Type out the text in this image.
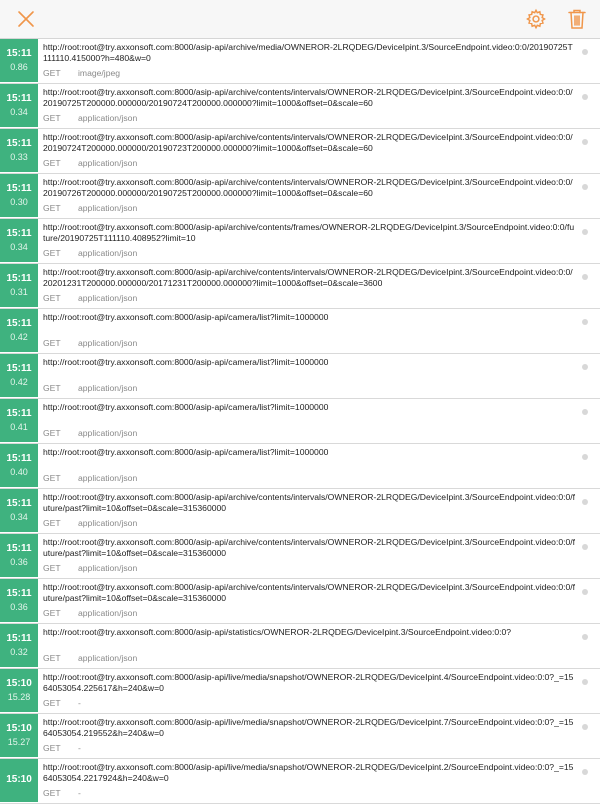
15:11
0.86
http://root:root@try.axxonsoft.com:8000/asip-api/archive/media/OWNEROR-2LRQDEG/DeviceIpint.3/SourceEndpoint.video:0:0/20190725T111110.415000?h=480&w=0
GET image/jpeg
15:11
0.34
http://root:root@try.axxonsoft.com:8000/asip-api/archive/contents/intervals/OWNEROR-2LRQDEG/DeviceIpint.3/SourceEndpoint.video:0:0/20190725T200000.000000/20190724T200000.000000?limit=1000&offset=0&scale=60
GET application/json
15:11
0.33
http://root:root@try.axxonsoft.com:8000/asip-api/archive/contents/intervals/OWNEROR-2LRQDEG/DeviceIpint.3/SourceEndpoint.video:0:0/20190724T200000.000000/20190723T200000.000000?limit=1000&offset=0&scale=60
GET application/json
15:11
0.30
http://root:root@try.axxonsoft.com:8000/asip-api/archive/contents/intervals/OWNEROR-2LRQDEG/DeviceIpint.3/SourceEndpoint.video:0:0/20190726T200000.000000/20190725T200000.000000?limit=1000&offset=0&scale=60
GET application/json
15:11
0.34
http://root:root@try.axxonsoft.com:8000/asip-api/archive/contents/frames/OWNEROR-2LRQDEG/DeviceIpint.3/SourceEndpoint.video:0:0/future/20190725T111110.408952?limit=10
GET application/json
15:11
0.31
http://root:root@try.axxonsoft.com:8000/asip-api/archive/contents/intervals/OWNEROR-2LRQDEG/DeviceIpint.3/SourceEndpoint.video:0:0/20201231T200000.000000/20171231T200000.000000?limit=1000&offset=0&scale=3600
GET application/json
15:11
0.42
http://root:root@try.axxonsoft.com:8000/asip-api/camera/list?limit=1000000
GET application/json
15:11
0.42
http://root:root@try.axxonsoft.com:8000/asip-api/camera/list?limit=1000000
GET application/json
15:11
0.41
http://root:root@try.axxonsoft.com:8000/asip-api/camera/list?limit=1000000
GET application/json
15:11
0.40
http://root:root@try.axxonsoft.com:8000/asip-api/camera/list?limit=1000000
GET application/json
15:11
0.34
http://root:root@try.axxonsoft.com:8000/asip-api/archive/contents/intervals/OWNEROR-2LRQDEG/DeviceIpint.3/SourceEndpoint.video:0:0/future/past?limit=10&offset=0&scale=315360000
GET application/json
15:11
0.36
http://root:root@try.axxonsoft.com:8000/asip-api/archive/contents/intervals/OWNEROR-2LRQDEG/DeviceIpint.3/SourceEndpoint.video:0:0/future/past?limit=10&offset=0&scale=315360000
GET application/json
15:11
0.36
http://root:root@try.axxonsoft.com:8000/asip-api/archive/contents/intervals/OWNEROR-2LRQDEG/DeviceIpint.3/SourceEndpoint.video:0:0/future/past?limit=10&offset=0&scale=315360000
GET application/json
15:11
0.32
http://root:root@try.axxonsoft.com:8000/asip-api/statistics/OWNEROR-2LRQDEG/DeviceIpint.3/SourceEndpoint.video:0:0?
GET application/json
15:10
15.28
http://root:root@try.axxonsoft.com:8000/asip-api/live/media/snapshot/OWNEROR-2LRQDEG/DeviceIpint.4/SourceEndpoint.video:0:0?_=1564053054.225617&h=240&w=0
GET -
15:10
15.27
http://root:root@try.axxonsoft.com:8000/asip-api/live/media/snapshot/OWNEROR-2LRQDEG/DeviceIpint.7/SourceEndpoint.video:0:0?_=1564053054.219552&h=240&w=0
GET -
15:10
http://root:root@try.axxonsoft.com:8000/asip-api/live/media/snapshot/OWNEROR-2LRQDEG/DeviceIpint.2/SourceEndpoint.video:0:0?_=1564053054.2217924&h=240&w=0
GET -
